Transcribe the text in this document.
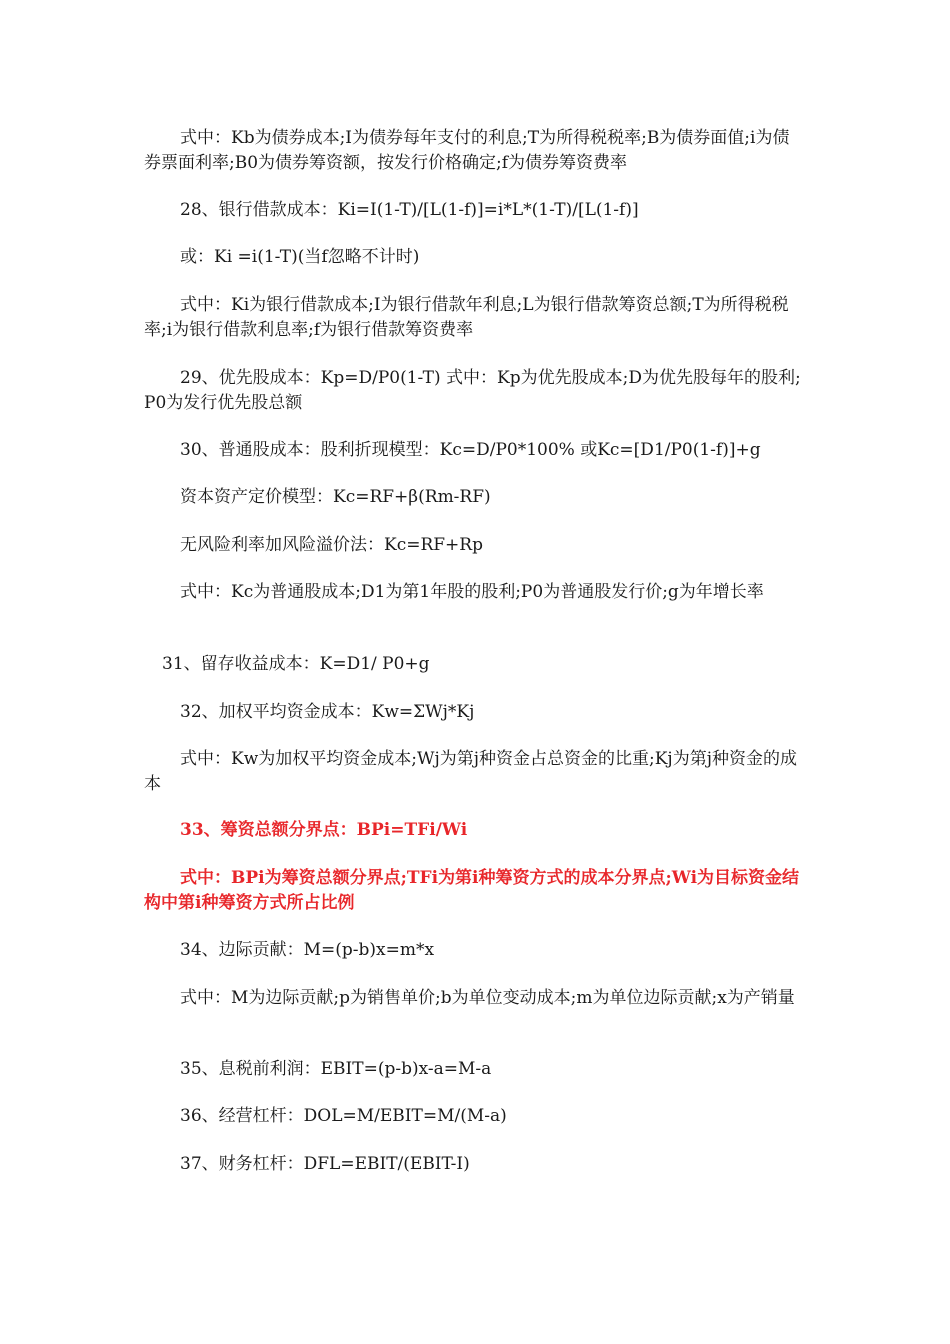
式中：Kb为债券成本;I为债券每年支付的利息;T为所得税税率;B为债券面值;i为债券票面利率;B0为债券筹资额，按发行价格确定;f为债券筹资费率

28、银行借款成本：Ki=I(1-T)/[L(1-f)]=i*L*(1-T)/[L(1-f)]

或：Ki =i(1-T)(当f忽略不计时)

式中：Ki为银行借款成本;I为银行借款年利息;L为银行借款筹资总额;T为所得税税率;i为银行借款利息率;f为银行借款筹资费率

29、优先股成本：Kp=D/P0(1-T) 式中：Kp为优先股成本;D为优先股每年的股利;P0为发行优先股总额

30、普通股成本：股利折现模型：Kc=D/P0*100% 或Kc=[D1/P0(1-f)]+g

资本资产定价模型：Kc=RF+β(Rm-RF)

无风险利率加风险溢价法：Kc=RF+Rp

式中：Kc为普通股成本;D1为第1年股的股利;P0为普通股发行价;g为年增长率

31、留存收益成本：K=D1/ P0+g

32、加权平均资金成本：Kw=ΣWj*Kj

式中：Kw为加权平均资金成本;Wj为第j种资金占总资金的比重;Kj为第j种资金的成本

33、筹资总额分界点：BPi=TFi/Wi

式中：BPi为筹资总额分界点;TFi为第i种筹资方式的成本分界点;Wi为目标资金结构中第i种筹资方式所占比例

34、边际贡献：M=(p-b)x=m*x

式中：M为边际贡献;p为销售单价;b为单位变动成本;m为单位边际贡献;x为产销量

35、息税前利润：EBIT=(p-b)x-a=M-a

36、经营杠杆：DOL=M/EBIT=M/(M-a)

37、财务杠杆：DFL=EBIT/(EBIT-I)
